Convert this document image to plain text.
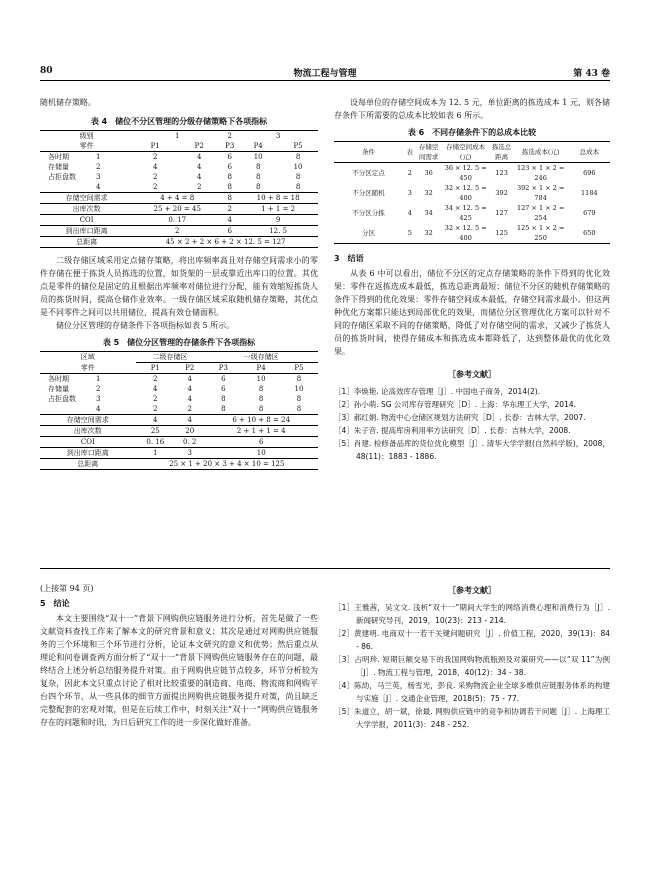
80	物流工程与管理	第 43 卷

随机储存策略。

表 4　储位不分区管理的分级存储策略下各项指标
级别	1		2	3	
零件	P1	P2	P3	P4	P5
各时期 1	2	4	6	10	8
存储量 2	4	4	6	8	10
占拒盘数 3	2	4	8	8	8
4	2	2	8	8	8
存储空间需求	4 + 4 = 8		8	10 + 8 = 18	
出库次数	25 + 20 = 45		2	1 + 1 = 2	
COI	0. 17		4	9	
到出库口距离	2		6	12. 5	
总距离	45 × 2 + 2 × 6 + 2 × 12. 5 = 127				

二级存储区域采用定点储存策略，将出库频率高且对存储空间需求小的零件存储在便于拣货人员拣选的位置，如货架的一层或靠近出库口的位置。其优点是零件的储位是固定的且根据出库频率对储位进行分配，能有效缩短拣货人员的拣货时间，提高仓储作业效率。一级存储区域采取随机储存策略，其优点是不同零件之间可以共用储位，提高有效仓储面积。

储位分区管理的存储条件下各项指标如表 5 所示。

表 5　储位分区管理的存储条件下各项指标
区域	二级存储区		一级存储区		
零件	P1	P2	P3	P4	P5
各时期 1	2	4	6	10	8
存储量 2	4	4	6	8	10
占拒盘数 3	2	4	8	8	8
4	2	2	8	8	8
存储空间需求	4	4	6 + 10 + 8 = 24		
出库次数	25	20	2 + 1 + 1 = 4		
COI	0. 16	0. 2	6		
到出库口距离	1	3	10		
总距离	25 × 1 + 20 × 3 + 4 × 10 = 125				

设每单位的存储空间成本为 12. 5 元，单位距离的拣选成本 1 元，则各储存条件下所需要的总成本比较如表 6 所示。

表 6　不同存储条件下的总成本比较
条件	表	存储空间需求	存储空间成本(元)	拣选总距离	拣选成本(元)	总成本
不分区定点	2	36	36 × 12. 5 = 450	123	123 × 1 × 2 = 246	696
不分区随机	3	32	32 × 12. 5 = 400	392	392 × 1 × 2 = 784	1184
不分区分拣	4	34	34 × 12. 5 = 425	127	127 × 1 × 2 = 254	679
分区	5	32	32 × 12. 5 = 400	125	125 × 1 × 2 = 250	650
3　结语

从表 6 中可以看出，储位不分区的定点存储策略的条件下得到的优化效果：零件在返拣选成本最低，拣选总距离最短；储位不分区的随机存储策略的条件下得到的优化效果：零件存储空间成本最低，存储空间需求最小。但这两种优化方案都只能达到局部优化的效果，而储位分区管理优化方案可以针对不同的存储区采取不同的存储策略，降低了对存储空间的需求，又减少了拣货人员的拣货时间，使得存储成本和拣选成本都降低了，达到整体最优的优化效果。

［参考文献］

［1］李焕艳. 论高效库存管理［J］. 中国电子商务，2014(2).

［2］孙小萌. SG 公司库存管理研究［D］. 上海：华东理工大学，2014.

［3］郝红娟. 物流中心仓储区规划方法研究［D］. 长春：吉林大学，2007.

［4］朱子音. 提高库房利用率方法研究［D］. 长春：吉林大学，2008.

［5］肖建. 检修备品库的货位优化模型［J］. 清华大学学报(自然科学版)，2008，48(11)：1883 - 1886.

(上接第 94 页)

5　结论

本文主要围绕“双十一”背景下网购供应链服务进行分析，首先是做了一些文献资料查找工作来了解本文的研究背景和意义；其次是通过对网购供应链服务的三个环境和三个环节进行分析，论证本文研究的意义和优势；然后重点从理论和问卷调查两方面分析了“双十一”背景下网购供应链服务存在的问题，最终结合上述分析总结服务提升对策。由于网购供应链节点较多，环节分析较为复杂，因此本文只重点讨论了相对比较重要的制造商、电商、物流商和网购平台四个环节，从一些具体的细节方面提出网购供应链服务提升对策，尚且缺乏完整配套的宏观对策，但是在后续工作中，时刻关注“双十一”网购供应链服务存在的问题和时讯，为日后研究工作的进一步深化做好准备。

［参考文献］

［1］王雅茜，吴文文. 浅析“双十一”期间大学生的网络消费心理和消费行为［J］. 新闻研究导刊，2019，10(23)：213 - 214.

［2］黄建明. 电商双十一若干关键问题研究［J］. 价值工程，2020，39(13)：84 - 86.

［3］占明珍. 短期巨额交易下的我国网购物流瓶颈及对策研究——以“双 11”为例［J］. 物流工程与管理，2018，40(12)：34 - 38.

［4］陈劼，马兰英，杨雪光，彭良. 采购物流企业全球多维供应链服务体系的构建与实施［J］. 交通企业管理，2018(5)：75 - 77.

［5］朱道立，胡一斌，徐最. 网购供应链中的竞争和协调若干问题［J］. 上海理工大学学报，2011(3)：248 - 252.
